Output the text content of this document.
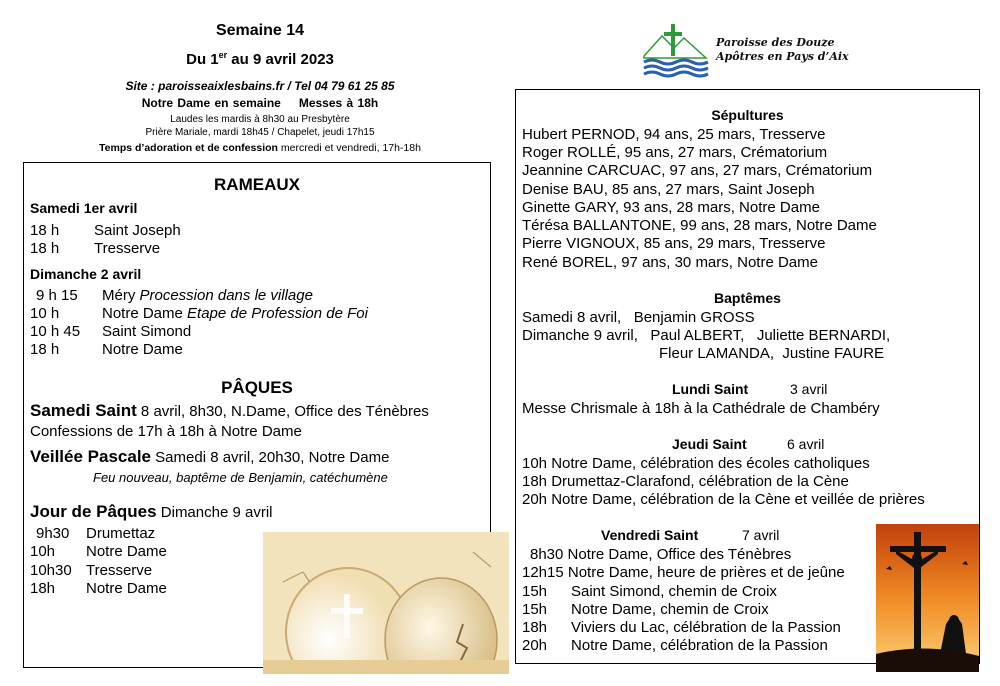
Semaine 14
Du 1er au 9 avril 2023
Site : paroisseaixlesbains.fr / Tel 04 79 61 25 85
Notre Dame en semaine Messes à 18h
Laudes les mardis à 8h30 au Presbytère
Prière Mariale, mardi 18h45 / Chapelet, jeudi 17h15
Temps d’adoration et de confession mercredi et vendredi, 17h-18h
Paroisse des Douze
Apôtres en Pays d’Aix
RAMEAUX
Samedi 1er avril
18 h Saint Joseph
18 h Tresserve
Dimanche 2 avril
9 h 15 Méry Procession dans le village
10 h	Notre Dame Etape de Profession de Foi
10 h 45 Saint Simond
18 h	Notre Dame
PÂQUES
Samedi Saint 8 avril, 8h30, N.Dame, Office des Ténèbres
Confessions de 17h à 18h à Notre Dame
Veillée Pascale Samedi 8 avril, 20h30, Notre Dame
Feu nouveau, baptême de Benjamin, catéchumène
Jour de Pâques Dimanche 9 avril
9h30 Drumettaz
10h Notre Dame
10h30 Tresserve
18h Notre Dame
Sépultures
Hubert PERNOD, 94 ans, 25 mars, Tresserve
Roger ROLLÉ, 95 ans, 27 mars, Crématorium
Jeannine CARCUAC, 97 ans, 27 mars, Crématorium
Denise BAU, 85 ans, 27 mars, Saint Joseph
Ginette GARY, 93 ans, 28 mars, Notre Dame
Térésa BALLANTONE, 99 ans, 28 mars, Notre Dame
Pierre VIGNOUX, 85 ans, 29 mars, Tresserve
René BOREL, 97 ans, 30 mars, Notre Dame
Baptêmes
Samedi 8 avril,   Benjamin GROSS
Dimanche 9 avril,   Paul ALBERT,   Juliette BERNARDI,
Fleur LAMANDA,  Justine FAURE
Lundi Saint	3 avril
Messe Chrismale à 18h à la Cathédrale de Chambéry
Jeudi Saint	6 avril
10h Notre Dame, célébration des écoles catholiques
18h Drumettaz-Clarafond, célébration de la Cène
20h Notre Dame, célébration de la Cène et veillée de prières
Vendredi Saint	7 avril
8h30 Notre Dame, Office des Ténèbres
12h15 Notre Dame, heure de prières et de jeûne
15h Saint Simond, chemin de Croix
15h Notre Dame, chemin de Croix
18h Viviers du Lac, célébration de la Passion
20h Notre Dame, célébration de la Passion
